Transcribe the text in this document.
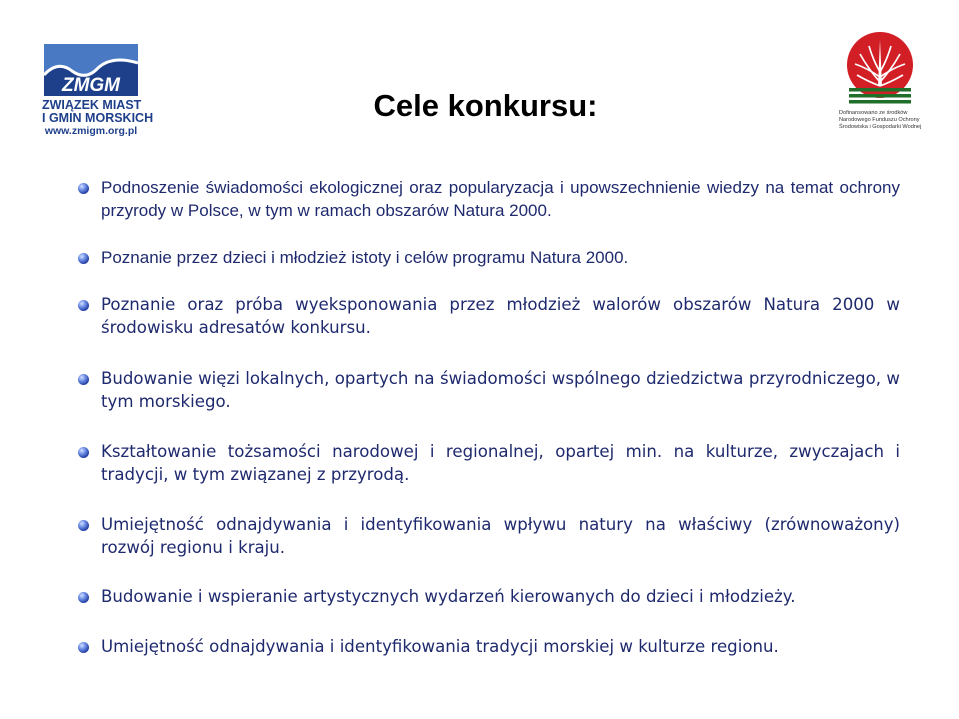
ZMGM
ZWIĄZEK MIAST
I GMIN MORSKICH
www.zmigm.org.pl
Dofinansowano ze środków
Narodowego Funduszu Ochrony
Środowiska i Gospodarki Wodnej
Cele konkursu:
Podnoszenie świadomości ekologicznej oraz popularyzacja i upowszechnienie wiedzy na temat ochrony przyrody w Polsce, w tym w ramach obszarów Natura 2000.
Poznanie przez dzieci i młodzież istoty i celów programu Natura 2000.
Poznanie oraz próba wyeksponowania przez młodzież walorów obszarów Natura 2000 w środowisku adresatów konkursu.
Budowanie więzi lokalnych, opartych na świadomości wspólnego dziedzictwa przyrodniczego, w tym morskiego.
Kształtowanie tożsamości narodowej i regionalnej, opartej min. na kulturze, zwyczajach i tradycji, w tym związanej z przyrodą.
Umiejętność odnajdywania i identyfikowania wpływu natury na właściwy (zrównoważony) rozwój regionu i kraju.
Budowanie i wspieranie artystycznych wydarzeń kierowanych do dzieci i młodzieży.
Umiejętność odnajdywania i identyfikowania tradycji morskiej w kulturze regionu.
